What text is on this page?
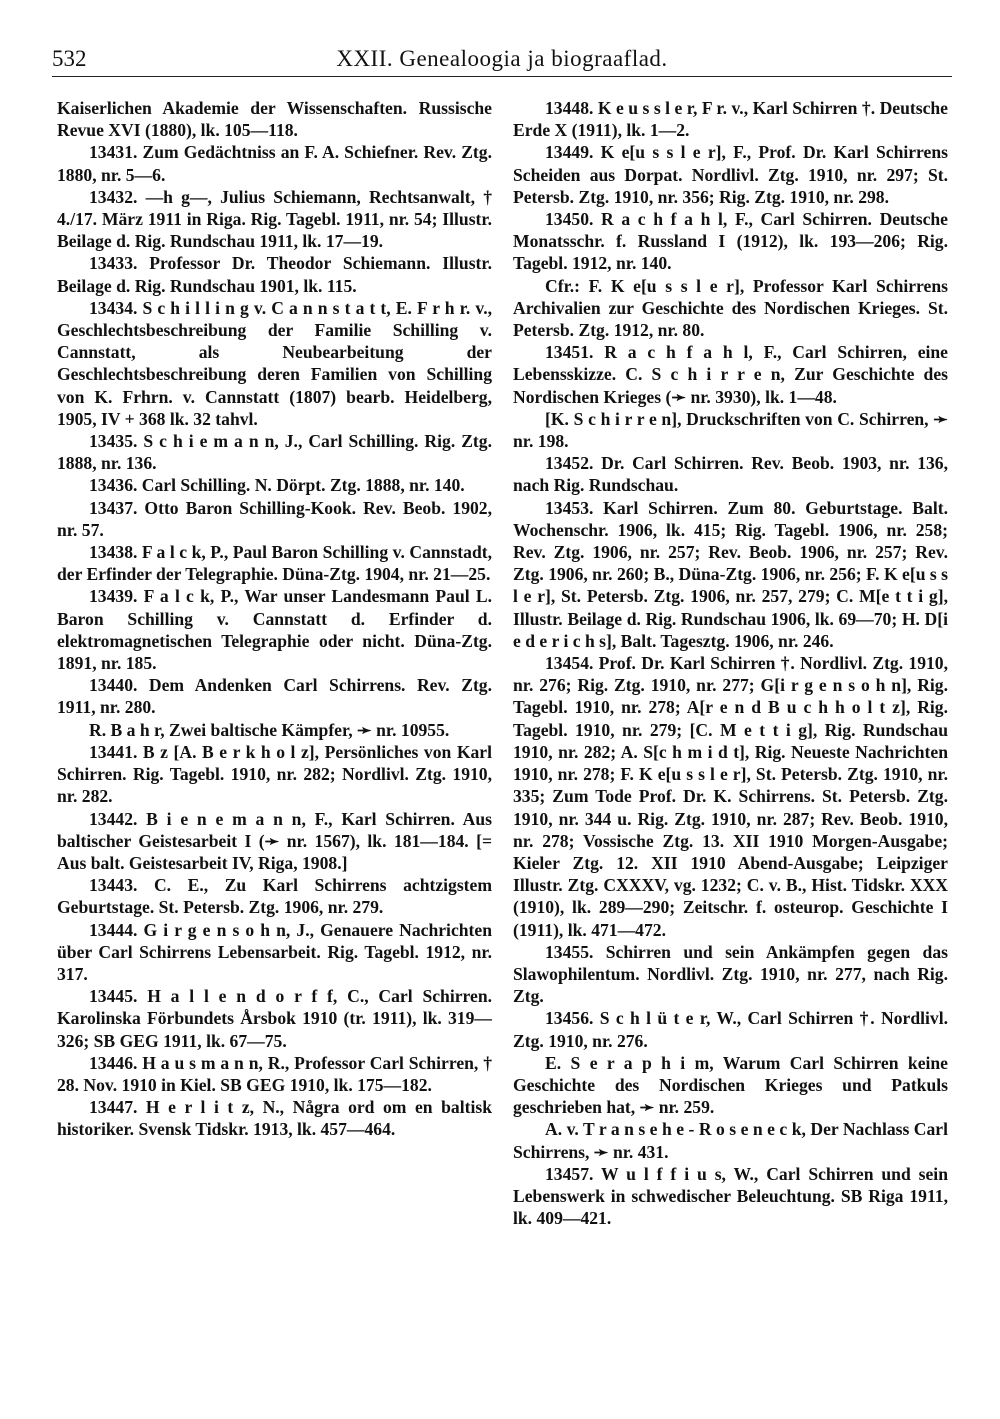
532	XXII. Genealoogia ja biograaflad.

Kaiserlichen Akademie der Wissenschaften. Russische Revue XVI (1880), lk. 105—118.

13431. Zum Gedächtniss an F. A. Schiefner. Rev. Ztg. 1880, nr. 5—6.

13432. —h g—, Julius Schiemann, Rechtsanwalt, † 4./17. März 1911 in Riga. Rig. Tagebl. 1911, nr. 54; Illustr. Beilage d. Rig. Rundschau 1911, lk. 17—19.

13433. Professor Dr. Theodor Schiemann. Illustr. Beilage d. Rig. Rundschau 1901, lk. 115.

13434. S c h i l l i n g v. C a n n s t a t t, E. F r h r. v., Geschlechtsbeschreibung der Familie Schilling v. Cannstatt, als Neubearbeitung der Geschlechtsbeschreibung deren Familien von Schilling von K. Frhrn. v. Cannstatt (1807) bearb. Heidelberg, 1905, IV + 368 lk. 32 tahvl.

13435. S c h i e m a n n, J., Carl Schilling. Rig. Ztg. 1888, nr. 136.

13436. Carl Schilling. N. Dörpt. Ztg. 1888, nr. 140.

13437. Otto Baron Schilling-Kook. Rev. Beob. 1902, nr. 57.

13438. F a l c k, P., Paul Baron Schilling v. Cannstadt, der Erfinder der Telegraphie. Düna-Ztg. 1904, nr. 21—25.

13439. F a l c k, P., War unser Landesmann Paul L. Baron Schilling v. Cannstatt d. Erfinder d. elektromagnetischen Telegraphie oder nicht. Düna-Ztg. 1891, nr. 185.

13440. Dem Andenken Carl Schirrens. Rev. Ztg. 1911, nr. 280.

R. B a h r, Zwei baltische Kämpfer, ➛ nr. 10955.

13441. B z [A. B e r k h o l z], Persönliches von Karl Schirren. Rig. Tagebl. 1910, nr. 282; Nordlivl. Ztg. 1910, nr. 282.

13442. B i e n e m a n n, F., Karl Schirren. Aus baltischer Geistesarbeit I (➛ nr. 1567), lk. 181—184. [= Aus balt. Geistesarbeit IV, Riga, 1908.]

13443. C. E., Zu Karl Schirrens achtzigstem Geburtstage. St. Petersb. Ztg. 1906, nr. 279.

13444. G i r g e n s o h n, J., Genauere Nachrichten über Carl Schirrens Lebensarbeit. Rig. Tagebl. 1912, nr. 317.

13445. H a l l e n d o r f f, C., Carl Schirren. Karolinska Förbundets Årsbok 1910 (tr. 1911), lk. 319—326; SB GEG 1911, lk. 67—75.

13446. H a u s m a n n, R., Professor Carl Schirren, † 28. Nov. 1910 in Kiel. SB GEG 1910, lk. 175—182.

13447. H e r l i t z, N., Några ord om en baltisk historiker. Svensk Tidskr. 1913, lk. 457—464.

13448. K e u s s l e r, F r. v., Karl Schirren †. Deutsche Erde X (1911), lk. 1—2.

13449. K e[u s s l e r], F., Prof. Dr. Karl Schirrens Scheiden aus Dorpat. Nordlivl. Ztg. 1910, nr. 297; St. Petersb. Ztg. 1910, nr. 356; Rig. Ztg. 1910, nr. 298.

13450. R a c h f a h l, F., Carl Schirren. Deutsche Monatsschr. f. Russland I (1912), lk. 193—206; Rig. Tagebl. 1912, nr. 140.

Cfr.: F. K e[u s s l e r], Professor Karl Schirrens Archivalien zur Geschichte des Nordischen Krieges. St. Petersb. Ztg. 1912, nr. 80.

13451. R a c h f a h l, F., Carl Schirren, eine Lebensskizze. C. S c h i r r e n, Zur Geschichte des Nordischen Krieges (➛ nr. 3930), lk. 1—48.

[K. S c h i r r e n], Druckschriften von C. Schirren, ➛ nr. 198.

13452. Dr. Carl Schirren. Rev. Beob. 1903, nr. 136, nach Rig. Rundschau.

13453. Karl Schirren. Zum 80. Geburtstage. Balt. Wochenschr. 1906, lk. 415; Rig. Tagebl. 1906, nr. 258; Rev. Ztg. 1906, nr. 257; Rev. Beob. 1906, nr. 257; Rev. Ztg. 1906, nr. 260; B., Düna-Ztg. 1906, nr. 256; F. K e[u s s l e r], St. Petersb. Ztg. 1906, nr. 257, 279; C. M[e t t i g], Illustr. Beilage d. Rig. Rundschau 1906, lk. 69—70; H. D[i e d e r i c h s], Balt. Tagesztg. 1906, nr. 246.

13454. Prof. Dr. Karl Schirren †. Nordlivl. Ztg. 1910, nr. 276; Rig. Ztg. 1910, nr. 277; G[i r g e n s o h n], Rig. Tagebl. 1910, nr. 278; A[r e n d B u c h h o l t z], Rig. Tagebl. 1910, nr. 279; [C. M e t t i g], Rig. Rundschau 1910, nr. 282; A. S[c h m i d t], Rig. Neueste Nachrichten 1910, nr. 278; F. K e[u s s l e r], St. Petersb. Ztg. 1910, nr. 335; Zum Tode Prof. Dr. K. Schirrens. St. Petersb. Ztg. 1910, nr. 344 u. Rig. Ztg. 1910, nr. 287; Rev. Beob. 1910, nr. 278; Vossische Ztg. 13. XII 1910 Morgen-Ausgabe; Kieler Ztg. 12. XII 1910 Abend-Ausgabe; Leipziger Illustr. Ztg. CXXXV, vg. 1232; C. v. B., Hist. Tidskr. XXX (1910), lk. 289—290; Zeitschr. f. osteurop. Geschichte I (1911), lk. 471—472.

13455. Schirren und sein Ankämpfen gegen das Slawophilentum. Nordlivl. Ztg. 1910, nr. 277, nach Rig. Ztg.

13456. S c h l ü t e r, W., Carl Schirren †. Nordlivl. Ztg. 1910, nr. 276.

E. S e r a p h i m, Warum Carl Schirren keine Geschichte des Nordischen Krieges und Patkuls geschrieben hat, ➛ nr. 259.

A. v. T r a n s e h e - R o s e n e c k, Der Nachlass Carl Schirrens, ➛ nr. 431.

13457. W u l f f i u s, W., Carl Schirren und sein Lebenswerk in schwedischer Beleuchtung. SB Riga 1911, lk. 409—421.
